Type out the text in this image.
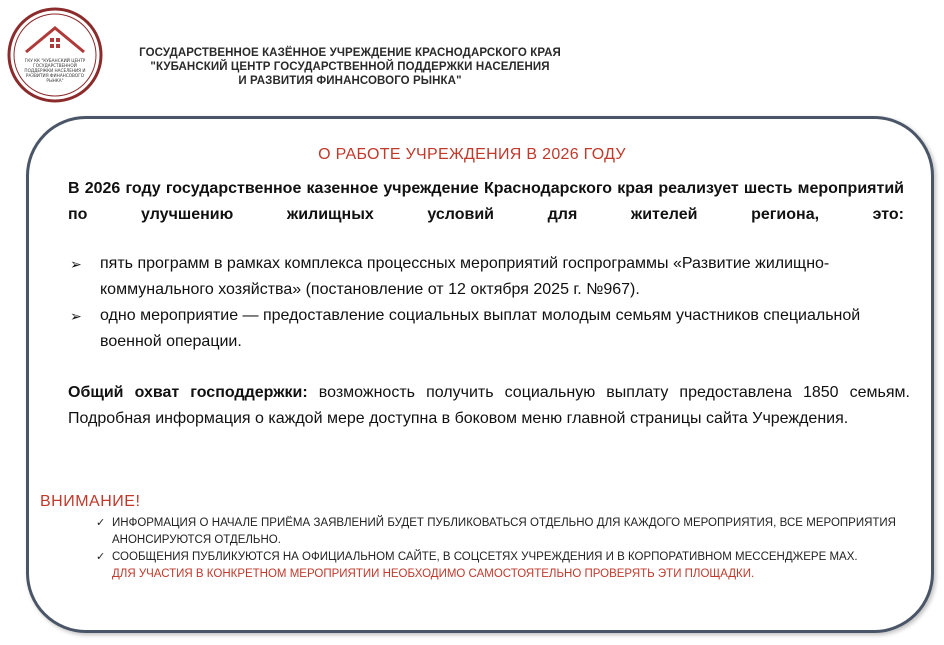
ГКУ КК "КУБАНСКИЙ ЦЕНТР
ГОСУДАРСТВЕННОЙ
ПОДДЕРЖКИ НАСЕЛЕНИЯ И
РАЗВИТИЯ ФИНАНСОВОГО
РЫНКА"
ГОСУДАРСТВЕННОЕ КАЗЁННОЕ УЧРЕЖДЕНИЕ КРАСНОДАРСКОГО КРАЯ
"КУБАНСКИЙ ЦЕНТР ГОСУДАРСТВЕННОЙ ПОДДЕРЖКИ НАСЕЛЕНИЯ
И РАЗВИТИЯ ФИНАНСОВОГО РЫНКА"
О РАБОТЕ УЧРЕЖДЕНИЯ В 2026 ГОДУ
В 2026 году государственное казенное учреждение Краснодарского края реализует шесть мероприятий по улучшению жилищных условий для жителей региона, это:
➢ пять программ в рамках комплекса процессных мероприятий госпрограммы «Развитие жилищно-коммунального хозяйства» (постановление от 12 октября 2025 г. №967).
➢ одно мероприятие — предоставление социальных выплат молодым семьям участников специальной военной операции.
Общий охват господдержки: возможность получить социальную выплату предоставлена 1850 семьям. Подробная информация о каждой мере доступна в боковом меню главной страницы сайта Учреждения.
ВНИМАНИЕ!
✓ ИНФОРМАЦИЯ О НАЧАЛЕ ПРИЁМА ЗАЯВЛЕНИЙ БУДЕТ ПУБЛИКОВАТЬСЯ ОТДЕЛЬНО ДЛЯ КАЖДОГО МЕРОПРИЯТИЯ, ВСЕ МЕРОПРИЯТИЯ АНОНСИРУЮТСЯ ОТДЕЛЬНО.
✓ СООБЩЕНИЯ ПУБЛИКУЮТСЯ НА ОФИЦИАЛЬНОМ САЙТЕ, В СОЦСЕТЯХ УЧРЕЖДЕНИЯ И В КОРПОРАТИВНОМ МЕССЕНДЖЕРЕ MAX.
ДЛЯ УЧАСТИЯ В КОНКРЕТНОМ МЕРОПРИЯТИИ НЕОБХОДИМО САМОСТОЯТЕЛЬНО ПРОВЕРЯТЬ ЭТИ ПЛОЩАДКИ.
